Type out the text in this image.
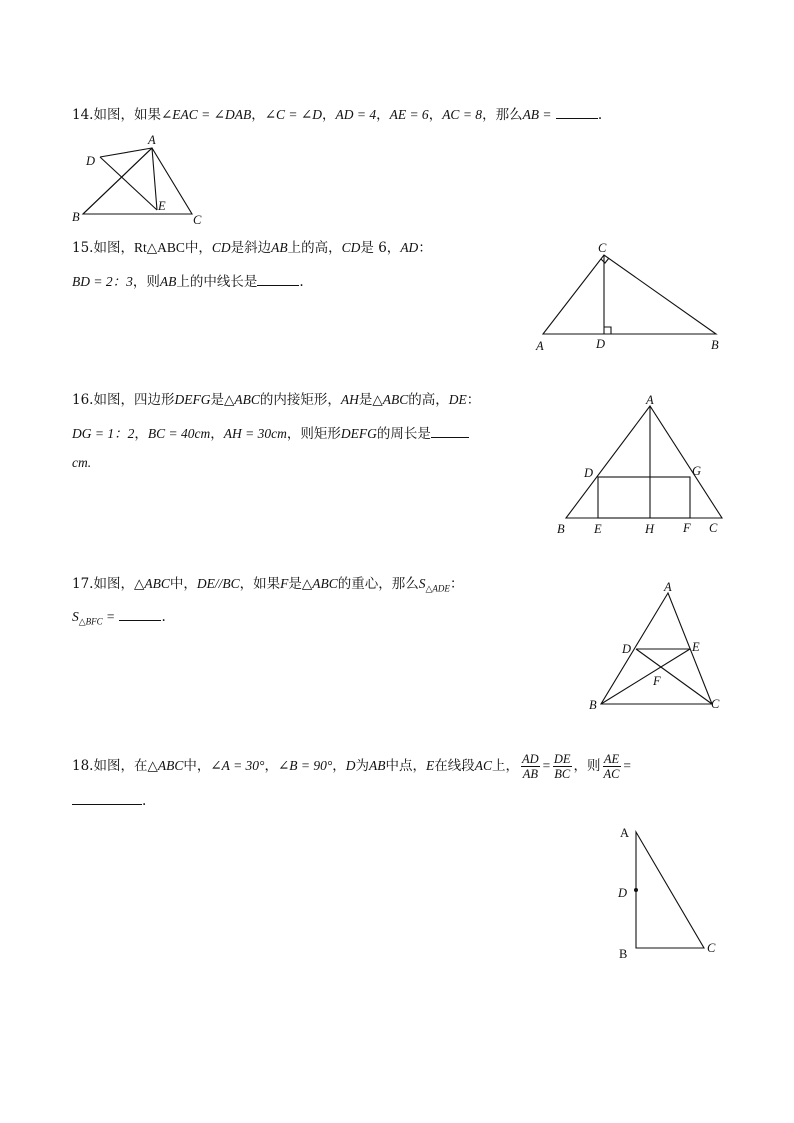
14.如图，如果∠EAC = ∠DAB，∠C = ∠D，AD = 4，AE = 6，AC = 8，那么AB =	.
A
D
B
E
C
15.如图，Rt△ABC中，CD是斜边AB上的高，CD是 6，AD：
BD = 2：3，则AB上的中线长是	.
C
A	D	B
16.如图，四边形DEFG是△ABC的内接矩形，AH是△ABC的高，DE：
DG = 1：2，BC = 40cm，AH = 30cm，则矩形DEFG的周长是
cm.
A
D	G
B E	H F C
17.如图，△ABC中，DE//BC，如果F是△ABC的重心，那么$S_{\triangle ADE}$：
$S_{\triangle BFC}$ =	.
A
D	E
F
B	C
18.如图，在△ABC中，∠A = 30°，∠B = 90°，D为AB中点，E在线段AC上， $\frac{AD}{AB} = \frac{DE}{BC}$ ，则 $\frac{AE}{AC}$ =
.
A
D
B	C
